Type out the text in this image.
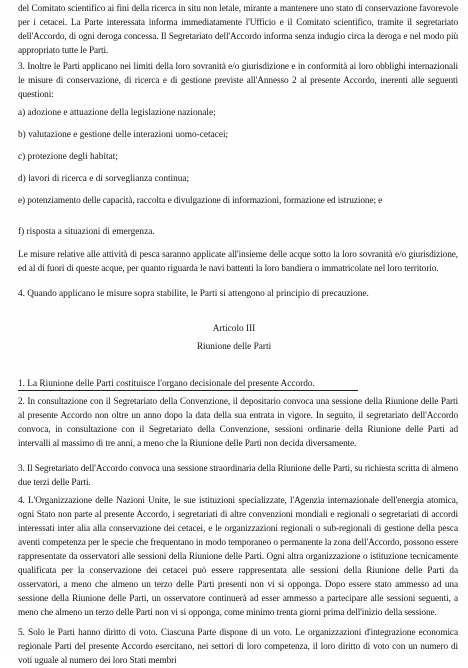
del Comitato scientifico ai fini della ricerca in situ non letale, mirante a mantenere uno stato di conservazione favorevole per i cetacei. La Parte interessata informa immediatamente l'Ufficio e il Comitato scientifico, tramite il segretariato dell'Accordo, di ogni deroga concessa. Il Segretariato dell'Accordo informa senza indugio circa la deroga e nel modo più appropriato tutte le Parti.
3. Inoltre le Parti applicano nei limiti della loro sovranità e/o giurisdizione e in conformità ai loro obblighi internazionali le misure di conservazione, di ricerca e di gestione previste all'Annesso 2 al presente Accordo, inerenti alle seguenti questioni:
a) adozione e attuazione della legislazione nazionale;
b) valutazione e gestione delle interazioni uomo-cetacei;
c) protezione degli habitat;
d) lavori di ricerca e di sorveglianza continua;
e) potenziamento delle capacità, raccolta e divulgazione di informazioni, formazione ed istruzione; e
f) risposta a situazioni di emergenza.
Le misure relative alle attività di pesca saranno applicate all'insieme delle acque sotto la loro sovranità e/o giurisdizione, ed al di fuori di queste acque, per quanto riguarda le navi battenti la loro bandiera o immatricolate nel loro territorio.
4. Quando applicano le misure sopra stabilite, le Parti si attengono al principio di precauzione.
Articolo III
Riunione delle Parti
1. La Riunione delle Parti costituisce l'organo decisionale del presente Accordo.
2. In consultazione con il Segretariato della Convenzione, il depositario convoca una sessione della Riunione delle Parti al presente Accordo non oltre un anno dopo la data della sua entrata in vigore. In seguito, il segretariato dell'Accordo convoca, in consultazione con il Segretariato della Convenzione, sessioni ordinarie della Riunione delle Parti ad intervalli al massimo di tre anni, a meno che la Riunione delle Parti non decida diversamente.
3. Il Segretariato dell'Accordo convoca una sessione straordinaria della Riunione delle Parti, su richiesta scritta di almeno due terzi delle Parti.
4. L'Organizzazione delle Nazioni Unite, le sue istituzioni specializzate, l'Agenzia internazionale dell'energia atomica, ogni Stato non parte al presente Accordo, i segretariati di altre convenzioni mondiali e regionali o segretariati di accordi interessati inter alia alla conservazione dei cetacei, e le organizzazioni regionali o sub-regionali di gestione della pesca aventi competenza per le specie che frequentano in modo temporaneo o permanente la zona dell'Accordo, possono essere rappresentate da osservatori alle sessioni della Riunione delle Parti. Ogni altra organizzazione o istituzione tecnicamente qualificata per la conservazione dei cetacei può essere rappresentata alle sessioni della Riunione delle Parti da osservatori, a meno che almeno un terzo delle Parti presenti non vi si opponga. Dopo essere stato ammesso ad una sessione della Riunione delle Parti, un osservatore continuerà ad esser ammesso a partecipare alle sessioni seguenti, a meno che almeno un terzo delle Parti non vi si opponga, come minimo trenta giorni prima dell'inizio della sessione.
5. Solo le Parti hanno diritto di voto. Ciascuna Parte dispone di un voto. Le organizzazioni d'integrazione economica regionale Parti del presente Accordo esercitano, nei settori di loro competenza, il loro diritto di voto con un numero di voti uguale al numero dei loro Stati membri
